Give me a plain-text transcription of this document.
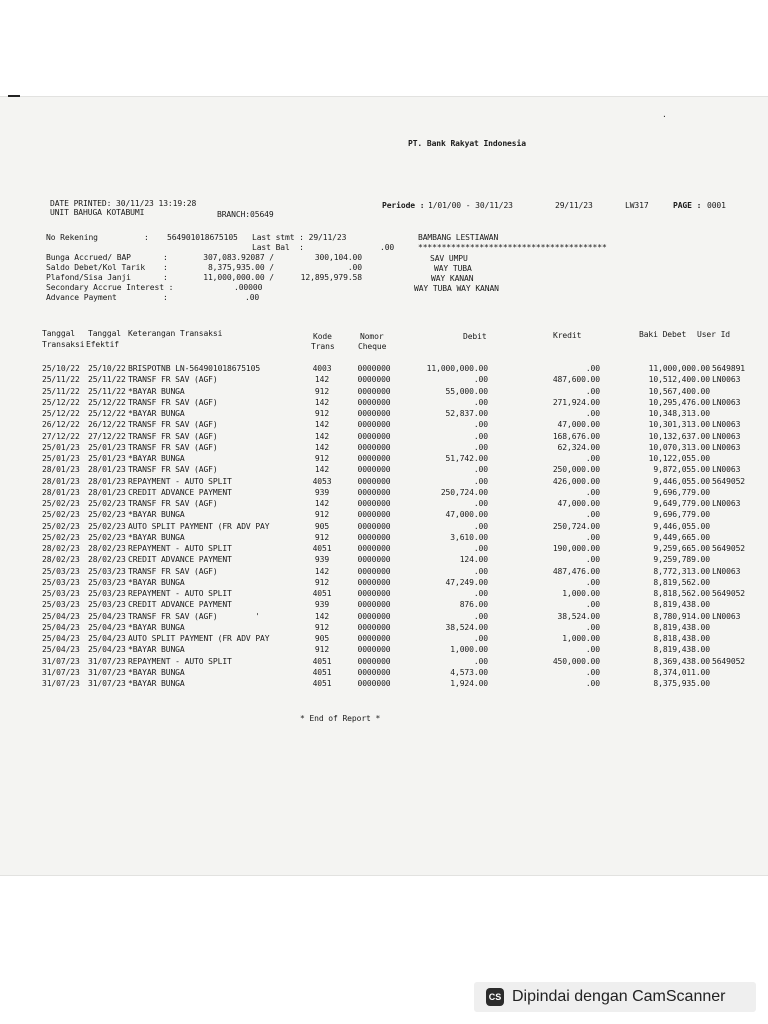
PT. Bank Rakyat Indonesia
DATE PRINTED: 30/11/23 13:19:28
UNIT BAHUGA KOTABUMI	BRANCH:05649
Periode : 1/01/00 - 30/11/23	29/11/23	LW317	PAGE : 0001
No Rekening	: 564901018675105 Last stmt : 29/11/23
Last Bal  :	.00
Bunga Accrued/ BAP	:	307,083.92087 /	300,104.00
Saldo Debet/Kol Tarik :	8,375,935.00 /	.00
Plafond/Sisa Janji	:	11,000,000.00 /	12,895,979.58
Secondary Accrue Interest :	.00000
Advance Payment	:	.00
BAMBANG LESTIAWAN
****************************************
SAV UMPU
WAY TUBA
WAY KANAN
WAY TUBA WAY KANAN
Tanggal
Transaksi
Tanggal
Efektif
Keterangan Transaksi	Kode
Trans
Nomor
Cheque
Debit	Kredit	Baki Debet User Id
25/10/22	25/10/22 BRISPOTNB LN-564901018675105	4003	0000000	11,000,000.00	.00	11,000,000.00 5649891
25/11/22	25/11/22 TRANSF FR SAV (AGF)	142	0000000	.00	487,600.00	10,512,400.00 LN0063
25/11/22	25/11/22 *BAYAR BUNGA	912	0000000	55,000.00	.00	10,567,400.00
25/12/22	25/12/22 TRANSF FR SAV (AGF)	142	0000000	.00	271,924.00	10,295,476.00 LN0063
25/12/22	25/12/22 *BAYAR BUNGA	912	0000000	52,837.00	.00	10,348,313.00
26/12/22	26/12/22 TRANSF FR SAV (AGF)	142	0000000	.00	47,000.00	10,301,313.00 LN0063
27/12/22	27/12/22 TRANSF FR SAV (AGF)	142	0000000	.00	168,676.00	10,132,637.00 LN0063
25/01/23	25/01/23 TRANSF FR SAV (AGF)	142	0000000	.00	62,324.00	10,070,313.00 LN0063
25/01/23	25/01/23 *BAYAR BUNGA	912	0000000	51,742.00	.00	10,122,055.00
28/01/23	28/01/23 TRANSF FR SAV (AGF)	142	0000000	.00	250,000.00	9,872,055.00 LN0063
28/01/23	28/01/23 REPAYMENT - AUTO SPLIT	4053	0000000	.00	426,000.00	9,446,055.00 5649052
28/01/23	28/01/23 CREDIT ADVANCE PAYMENT	939	0000000	250,724.00	.00	9,696,779.00
25/02/23	25/02/23 TRANSF FR SAV (AGF)	142	0000000	.00	47,000.00	9,649,779.00 LN0063
25/02/23	25/02/23 *BAYAR BUNGA	912	0000000	47,000.00	.00	9,696,779.00
25/02/23	25/02/23 AUTO SPLIT PAYMENT (FR ADV PAY	905	0000000	.00	250,724.00	9,446,055.00
25/02/23	25/02/23 *BAYAR BUNGA	912	0000000	3,610.00	.00	9,449,665.00
28/02/23	28/02/23 REPAYMENT - AUTO SPLIT	4051	0000000	.00	190,000.00	9,259,665.00 5649052
28/02/23	28/02/23 CREDIT ADVANCE PAYMENT	939	0000000	124.00	.00	9,259,789.00
25/03/23	25/03/23 TRANSF FR SAV (AGF)	142	0000000	.00	487,476.00	8,772,313.00 LN0063
25/03/23	25/03/23 *BAYAR BUNGA	912	0000000	47,249.00	.00	8,819,562.00
25/03/23	25/03/23 REPAYMENT - AUTO SPLIT	4051	0000000	.00	1,000.00	8,818,562.00 5649052
25/03/23	25/03/23 CREDIT ADVANCE PAYMENT	939	0000000	876.00	.00	8,819,438.00
25/04/23	25/04/23 TRANSF FR SAV (AGF)	142	0000000	.00	38,524.00	8,780,914.00 LN0063
25/04/23	25/04/23 *BAYAR BUNGA	912	0000000	38,524.00	.00	8,819,438.00
25/04/23	25/04/23 AUTO SPLIT PAYMENT (FR ADV PAY	905	0000000	.00	1,000.00	8,818,438.00
25/04/23	25/04/23 *BAYAR BUNGA	912	0000000	1,000.00	.00	8,819,438.00
31/07/23	31/07/23 REPAYMENT - AUTO SPLIT	4051	0000000	.00	450,000.00	8,369,438.00 5649052
31/07/23	31/07/23 *BAYAR BUNGA	4051	0000000	4,573.00	.00	8,374,011.00
31/07/23	31/07/23 *BAYAR BUNGA	4051	0000000	1,924.00	.00	8,375,935.00
* End of Report *
'
.
CS Dipindai dengan CamScanner
